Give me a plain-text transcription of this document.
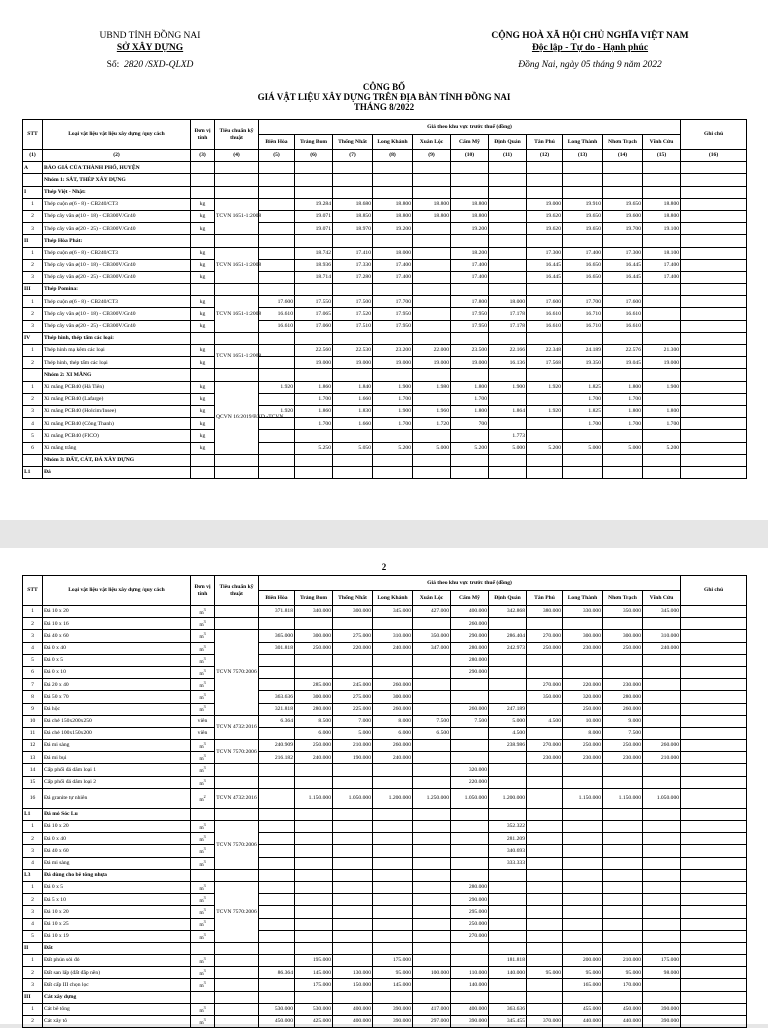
UBND TỈNH ĐỒNG NAI
SỞ XÂY DỰNG
Số: 2820 /SXD-QLXD
CỘNG HOÀ XÃ HỘI CHỦ NGHĨA VIỆT NAM
Độc lập - Tự do - Hạnh phúc
Đồng Nai, ngày 05 tháng 9 năm 2022
CÔNG BỐ
GIÁ VẬT LIỆU XÂY DỰNG TRÊN ĐỊA BÀN TỈNH ĐỒNG NAI
THÁNG 8/2022
STT	Loại vật liệu vật liệu xây dựng /quy cách	Đơn vị tính	Tiêu chuẩn kỹ thuật	Giá theo khu vực trước thuế (đồng)											Ghi chú
				Biên Hòa	Trảng Bom	Thống Nhất	Long Khánh	Xuân Lộc	Cẩm Mỹ	Định Quán	Tân Phú	Long Thành	Nhơn Trạch	Vĩnh Cửu	
(1)	(2)	(3)	(4)	(5)	(6)	(7)	(8)	(9)	(10)	(11)	(12)	(13)	(14)	(15)	(16)
A	BẢO GIÁ CỦA THÀNH PHỐ, HUYỆN														
	Nhóm 1: SẮT, THÉP XÂY DỰNG														
I	Thép Việt - Nhật:														
1	Thép cuộn ø(6 - 8) - CB240/CT3	kg	TCVN 1651-1:2008		19.284	18.680	18.800	18.800	18.800		19.000	19.910	19.650	18.800	
2	Thép cây vằn ø(10 - 18) - CB300V/Gr40	kg			19.071	18.850	18.800	18.800	18.800		19.620	19.650	19.600	18.800	
3	Thép cây vằn ø(20 - 25) - CB300V/Gr40	kg			19.071	18.970	19.200		19.200		19.620	19.650	19.700	19.100	
II	Thép Hòa Phát:														
1	Thép cuộn ø(6 - 8) - CB240/CT3	kg	TCVN 1651-1:2008		18.742	17.410	18.000		18.200		17.300	17.400	17.300	18.100	
2	Thép cây vằn ø(10 - 18) - CB300V/Gr40	kg			18.936	17.330	17.400		17.400		16.445	16.650	16.445	17.400	
3	Thép cây vằn ø(20 - 25) - CB300V/Gr40	kg			18.714	17.280	17.400		17.400		16.445	16.650	16.445	17.400	
III	Thép Pomina:														
1	Thép cuộn ø(6 - 8) - CB240/CT3	kg	TCVN 1651-1:2008	17.600	17.550	17.500	17.700		17.800	18.000	17.600	17.700	17.600		
2	Thép cây vằn ø(10 - 18) - CB300V/Gr40	kg		16.610	17.065	17.520	17.950		17.950	17.178	16.610	16.710	16.610		
3	Thép cây vằn ø(20 - 25) - CB300V/Gr40	kg		16.610	17.060	17.510	17.950		17.950	17.178	16.610	16.710	16.610		
IV	Thép hình, thép tấm các loại:														
1	Thép hình mạ kẽm các loại	kg	TCVN 1651-1:2008		22.560	22.530	23.200	22.000	23.500	22.166	22.348	24.189	22.576	21.300	
2	Thép hình, thép tấm các loại	kg			19.000	19.000	19.000	19.000	19.000	16.136	17.568	19.350	19.045	19.000	
	Nhóm 2: XI MĂNG														
1	Xi măng PCB40 (Hà Tiên)	kg	QCVN 16:2019/BXD -TCVN	1.920	1.860	1.840	1.900	1.980	1.800	1.900	1.920	1.825	1.800	1.900	
2	Xi măng PCB40 (Lafarge)	kg			1.700	1.660	1.700		1.700			1.700	1.700		
3	Xi măng PCB40 (Holcim/Insee)	kg		1.920	1.860	1.830	1.900	1.960	1.800	1.864	1.920	1.825	1.800	1.800	
4	Xi măng PCB40 (Công Thanh)	kg			1.700	1.660	1.700	1.720	700			1.700	1.700	1.700	
5	Xi măng PCB40 (FICO)	kg								1.773					
6	Xi măng trắng	kg			5.250	5.050	5.200	5.000	5.200	5.000	5.200	5.000	5.000	5.200	
	Nhóm 3: ĐẤT, CÁT, ĐÁ XÂY DỰNG														
I.1	Đá														
2
STT	Loại vật liệu vật liệu xây dựng /quy cách	Đơn vị tính	Tiêu chuẩn kỹ thuật	Giá theo khu vực trước thuế (đồng)											Ghi chú
				Biên Hòa	Trảng Bom	Thống Nhất	Long Khánh	Xuân Lộc	Cẩm Mỹ	Định Quán	Tân Phú	Long Thành	Nhơn Trạch	Vĩnh Cửu	
1	Đá 10 x 20	$m^3$		371.818	340.000	300.000	345.000	427.000	400.000	342.868	380.000	330.000	350.000	345.000	
2	Đá 10 x 16	$m^3$							260.000						
3	Đá 40 x 60	$m^3$	TCVN 7570:2006	365.000	300.000	275.000	310.000	350.000	290.000	286.404	270.000	300.000	300.000	310.000	
4	Đá 0 x 40	$m^3$		301.818	250.000	220.000	240.000	347.000	280.000	242.973	250.000	230.000	250.000	240.000	
5	Đá 0 x 5	$m^3$							280.000						
6	Đá 0 x 10	$m^3$							290.000						
7	Đá 20 x 40	$m^3$			285.000	245.000	260.000				270.000	220.000	230.000		
8	Đá 50 x 70	$m^3$		363.636	300.000	275.000	300.000				350.000	320.000	280.000		
9	Đá hộc	$m^3$		321.818	280.000	225.000	260.000		260.000	247.189		250.000	260.000		
10	Đá chẻ 150x200x250	viên	TCVN 4732:2016	6.364	8.500	7.000	8.000	7.500	7.500	5.000	4.500	10.000	9.000		
11	Đá chẻ 100x150x200	viên			6.000	5.000	6.000	6.500		4.500		8.000	7.500		
12	Đá mi sàng	$m^3$	TCVN 7570:2006	240.909	250.000	210.000	260.000			238.986	270.000	250.000	250.000	260.000	
13	Đá mi bụi	$m^3$		216.182	240.000	190.000	240.000				230.000	230.000	230.000	210.000	
14	Cấp phối đá dăm loại 1	$m^3$							320.000						
15	Cấp phối đá dăm loại 2	$m^3$							220.000						
16	Đá granite tự nhiên	$m^2$	TCVN 4732:2016		1.150.000	1.050.000	1.200.000	1.250.000	1.050.000	1.200.000		1.150.000	1.150.000	1.050.000	
I.1	Đá mỏ Sóc Lu														
1	Đá 10 x 20	$m^3$	TCVN 7570:2006							352.322					
2	Đá 0 x 40	$m^3$								281.209					
3	Đá 40 x 60	$m^3$								340.693					
4	Đá mi sàng	$m^3$								333.333					
I.3	Đá dùng cho bê tông nhựa														
1	Đá 0 x 5	$m^3$	TCVN 7570:2006						280.000						
2	Đá 5 x 10	$m^3$							290.000						
3	Đá 10 x 20	$m^3$							295.000						
4	Đá 10 x 25	$m^3$							250.000						
5	Đá 10 x 19	$m^3$							270.000						
II	Đất														
1	Đất phún sỏi đỏ	$m^3$			195.000		175.000			181.818		200.000	210.000	175.000	
2	Đất san lấp (đất đắp nền)	$m^3$		86.364	145.000	130.000	95.000	100.000	110.000	140.000	95.000	95.000	95.000	98.000	
3	Đất cấp III chọn lọc	$m^3$			175.000	150.000	145.000		140.000			165.000	170.000		
III	Cát xây dựng														
1	Cát bê tông	$m^3$		530.000	530.000	400.000	390.000	417.000	400.000	363.636		455.000	450.000	390.000	
2	Cát xây tô	$m^3$		450.000	425.000	400.000	390.000	297.000	390.000	345.455	370.000	440.000	440.000	390.000	
